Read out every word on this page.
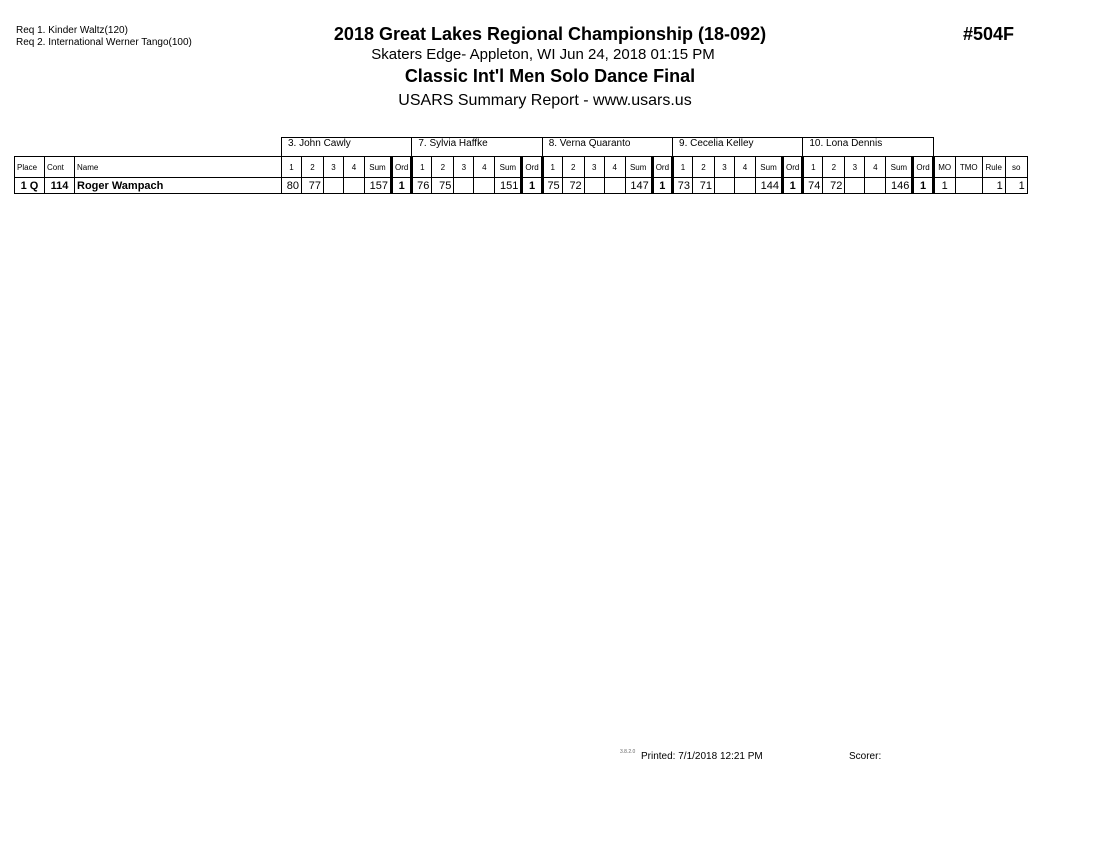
Req 1. Kinder Waltz(120)
Req 2. International Werner Tango(100)	2018 Great Lakes Regional Championship (18-092)
Skaters Edge- Appleton, WI Jun 24, 2018 01:15 PM
Classic Int'l Men Solo Dance Final
USARS Summary Report - www.usars.us
#504F
			3. John Cawly						7. Sylvia Haffke						8. Verna Quaranto						9. Cecelia Kelley						10. Lona Dennis									
Place	Cont	Name	1	2	3	4	Sum	Ord	1	2	3	4	Sum	Ord	1	2	3	4	Sum	Ord	1	2	3	4	Sum	Ord	1	2	3	4	Sum	Ord	MO	TMO	Rule	so
1 Q	114	Roger Wampach	80	77			157	1	76	75			151	1	75	72			147	1	73	71			144	1	74	72			146	1	1		1	1
3.8.2.0 Printed: 7/1/2018 12:21 PM	Scorer:
